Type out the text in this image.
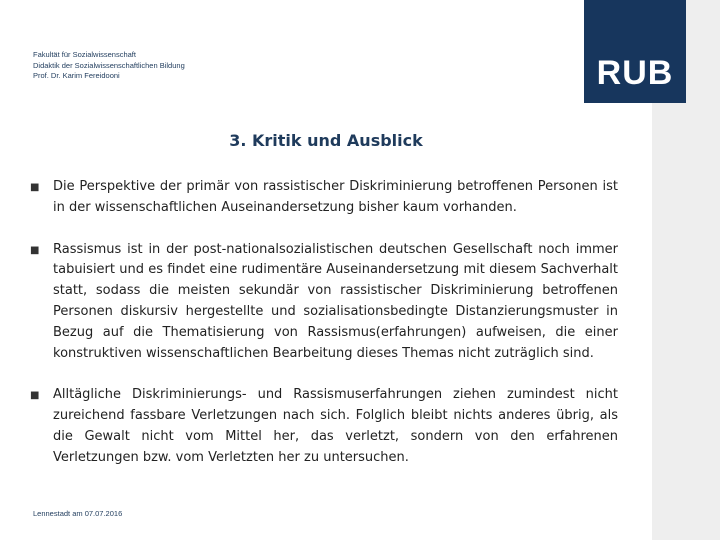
RUB
Fakultät für Sozialwissenschaft
Didaktik der Sozialwissenschaftlichen Bildung
Prof. Dr. Karim Fereidooni
3. Kritik und Ausblick
■	Die Perspektive der primär von rassistischer Diskriminierung betroffenen Personen ist in der wissenschaftlichen Auseinandersetzung bisher kaum vorhanden.
■	Rassismus ist in der post-nationalsozialistischen deutschen Gesellschaft noch immer tabuisiert und es findet eine rudimentäre Auseinandersetzung mit diesem Sachverhalt statt, sodass die meisten sekundär von rassistischer Diskriminierung betroffenen Personen diskursiv hergestellte und sozialisationsbedingte Distanzierungsmuster in Bezug auf die Thematisierung von Rassismus(erfahrungen) aufweisen, die einer konstruktiven wissenschaftlichen Bearbeitung dieses Themas nicht zuträglich sind.
■	Alltägliche Diskriminierungs- und Rassismuserfahrungen ziehen zumindest nicht zureichend fassbare Verletzungen nach sich. Folglich bleibt nichts anderes übrig, als die Gewalt nicht vom Mittel her, das verletzt, sondern von den erfahrenen Verletzungen bzw. vom Verletzten her zu untersuchen.
Lennestadt am 07.07.2016
